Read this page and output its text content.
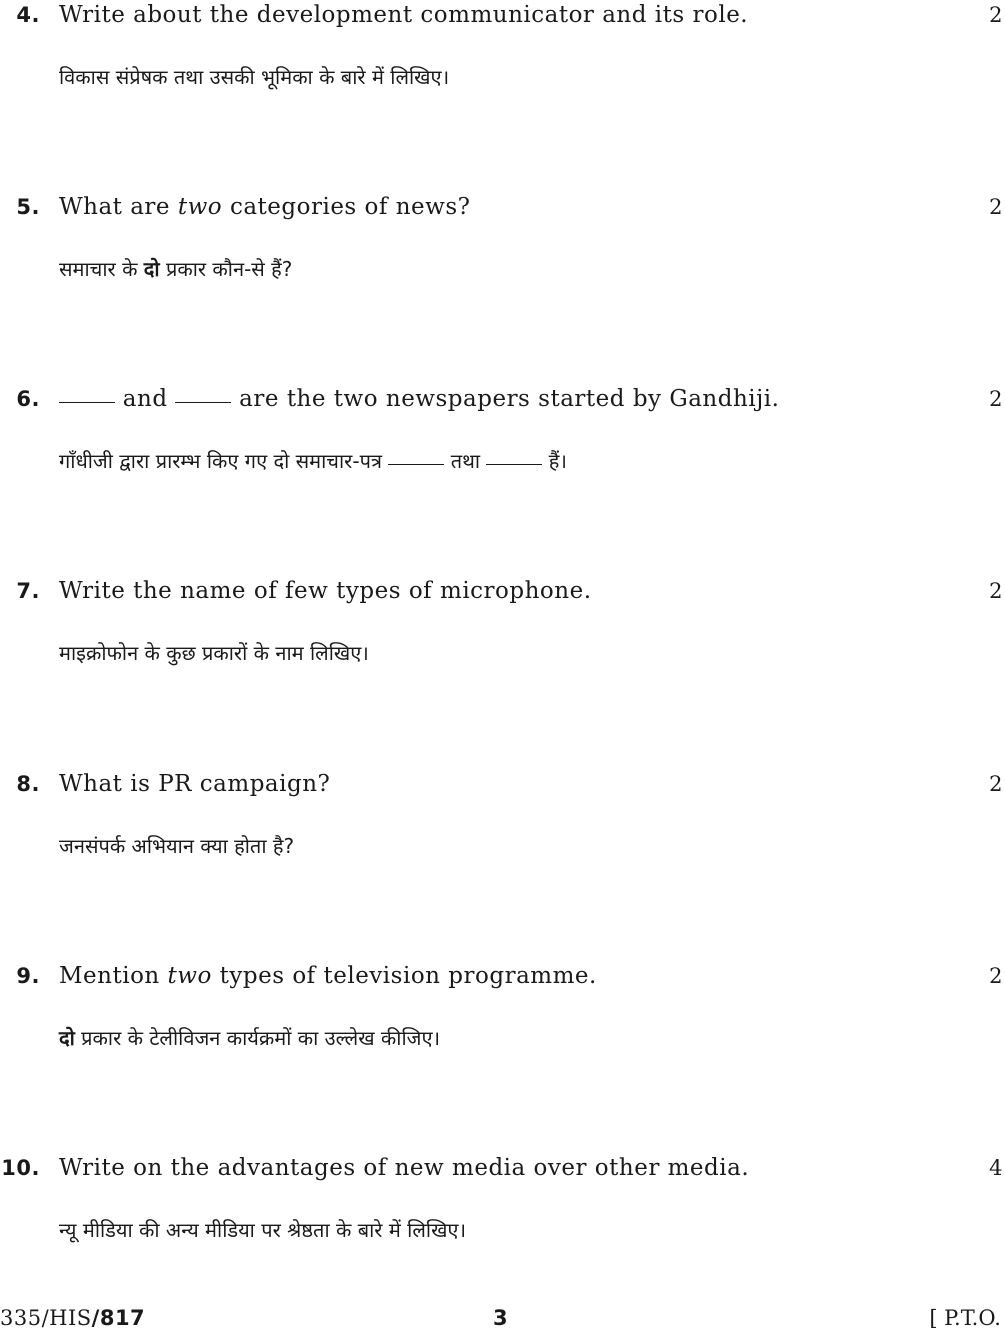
4. Write about the development communicator and its role.	2
विकास संप्रेषक तथा उसकी भूमिका के बारे में लिखिए।
5. What are two categories of news?	2
समाचार के दो प्रकार कौन-से हैं?
6.	and  are the two newspapers started by Gandhiji.	2
गाँधीजी द्वारा प्रारम्भ किए गए दो समाचार-पत्र	तथा	हैं।
7. Write the name of few types of microphone.	2
माइक्रोफोन के कुछ प्रकारों के नाम लिखिए।
8. What is PR campaign?	2
जनसंपर्क अभियान क्या होता है?
9. Mention two types of television programme.	2
दो प्रकार के टेलीविजन कार्यक्रमों का उल्लेख कीजिए।
10. Write on the advantages of new media over other media.	4
न्यू मीडिया की अन्य मीडिया पर श्रेष्ठता के बारे में लिखिए।
335/HIS/817	3	[ P.T.O.
